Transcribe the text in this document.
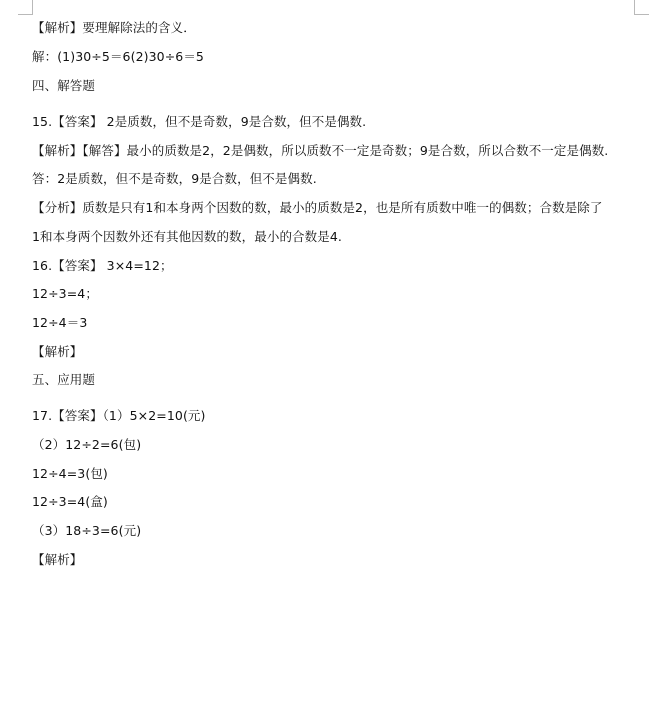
【解析】要理解除法的含义．
解：(1)30÷5＝6(2)30÷6＝5
四、解答题
15.【答案】 2是质数，但不是奇数，9是合数，但不是偶数.
【解析】【解答】最小的质数是2，2是偶数，所以质数不一定是奇数；9是合数，所以合数不一定是偶数.
答：2是质数，但不是奇数，9是合数，但不是偶数.
【分析】质数是只有1和本身两个因数的数，最小的质数是2，也是所有质数中唯一的偶数；合数是除了
1和本身两个因数外还有其他因数的数，最小的合数是4.
16.【答案】 3×4=12；
12÷3=4；
12÷4＝3
【解析】
五、应用题
17.【答案】（1）5×2=10(元)
（2）12÷2=6(包)
12÷4=3(包)
12÷3=4(盒)
（3）18÷3=6(元)
【解析】
